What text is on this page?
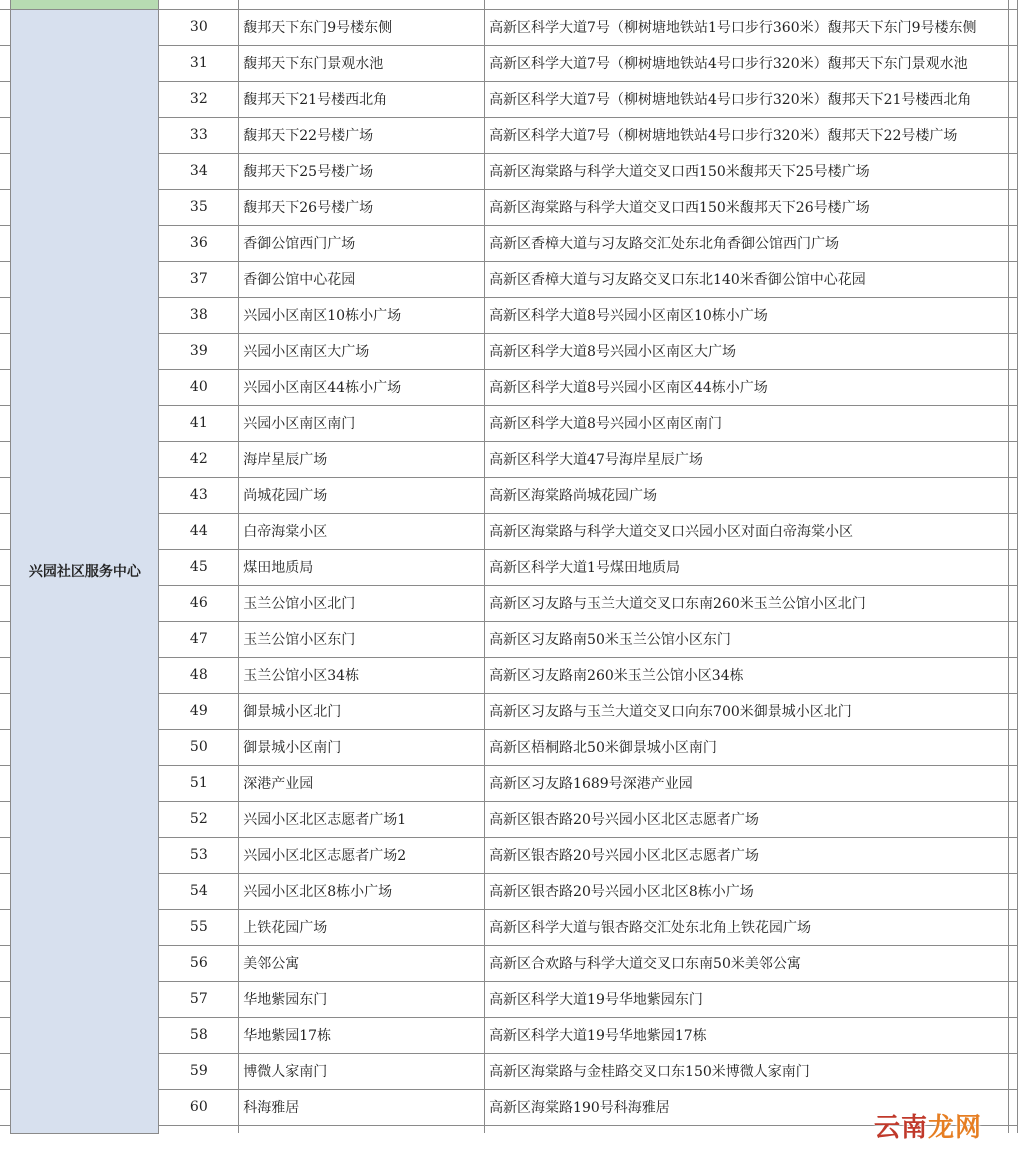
	兴园社区服务中心	30	馥邦天下东门9号楼东侧	高新区科学大道7号（柳树塘地铁站1号口步行360米）馥邦天下东门9号楼东侧	
		31	馥邦天下东门景观水池	高新区科学大道7号（柳树塘地铁站4号口步行320米）馥邦天下东门景观水池	
		32	馥邦天下21号楼西北角	高新区科学大道7号（柳树塘地铁站4号口步行320米）馥邦天下21号楼西北角	
		33	馥邦天下22号楼广场	高新区科学大道7号（柳树塘地铁站4号口步行320米）馥邦天下22号楼广场	
		34	馥邦天下25号楼广场	高新区海棠路与科学大道交叉口西150米馥邦天下25号楼广场	
		35	馥邦天下26号楼广场	高新区海棠路与科学大道交叉口西150米馥邦天下26号楼广场	
		36	香御公馆西门广场	高新区香樟大道与习友路交汇处东北角香御公馆西门广场	
		37	香御公馆中心花园	高新区香樟大道与习友路交叉口东北140米香御公馆中心花园	
		38	兴园小区南区10栋小广场	高新区科学大道8号兴园小区南区10栋小广场	
		39	兴园小区南区大广场	高新区科学大道8号兴园小区南区大广场	
		40	兴园小区南区44栋小广场	高新区科学大道8号兴园小区南区44栋小广场	
		41	兴园小区南区南门	高新区科学大道8号兴园小区南区南门	
		42	海岸星辰广场	高新区科学大道47号海岸星辰广场	
		43	尚城花园广场	高新区海棠路尚城花园广场	
		44	白帝海棠小区	高新区海棠路与科学大道交叉口兴园小区对面白帝海棠小区	
		45	煤田地质局	高新区科学大道1号煤田地质局	
		46	玉兰公馆小区北门	高新区习友路与玉兰大道交叉口东南260米玉兰公馆小区北门	
		47	玉兰公馆小区东门	高新区习友路南50米玉兰公馆小区东门	
		48	玉兰公馆小区34栋	高新区习友路南260米玉兰公馆小区34栋	
		49	御景城小区北门	高新区习友路与玉兰大道交叉口向东700米御景城小区北门	
		50	御景城小区南门	高新区梧桐路北50米御景城小区南门	
		51	深港产业园	高新区习友路1689号深港产业园	
		52	兴园小区北区志愿者广场1	高新区银杏路20号兴园小区北区志愿者广场	
		53	兴园小区北区志愿者广场2	高新区银杏路20号兴园小区北区志愿者广场	
		54	兴园小区北区8栋小广场	高新区银杏路20号兴园小区北区8栋小广场	
		55	上铁花园广场	高新区科学大道与银杏路交汇处东北角上铁花园广场	
		56	美邻公寓	高新区合欢路与科学大道交叉口东南50米美邻公寓	
		57	华地紫园东门	高新区科学大道19号华地紫园东门	
		58	华地紫园17栋	高新区科学大道19号华地紫园17栋	
		59	博微人家南门	高新区海棠路与金桂路交叉口东150米博微人家南门	
		60	科海雅居	高新区海棠路190号科海雅居	

云南龙网
